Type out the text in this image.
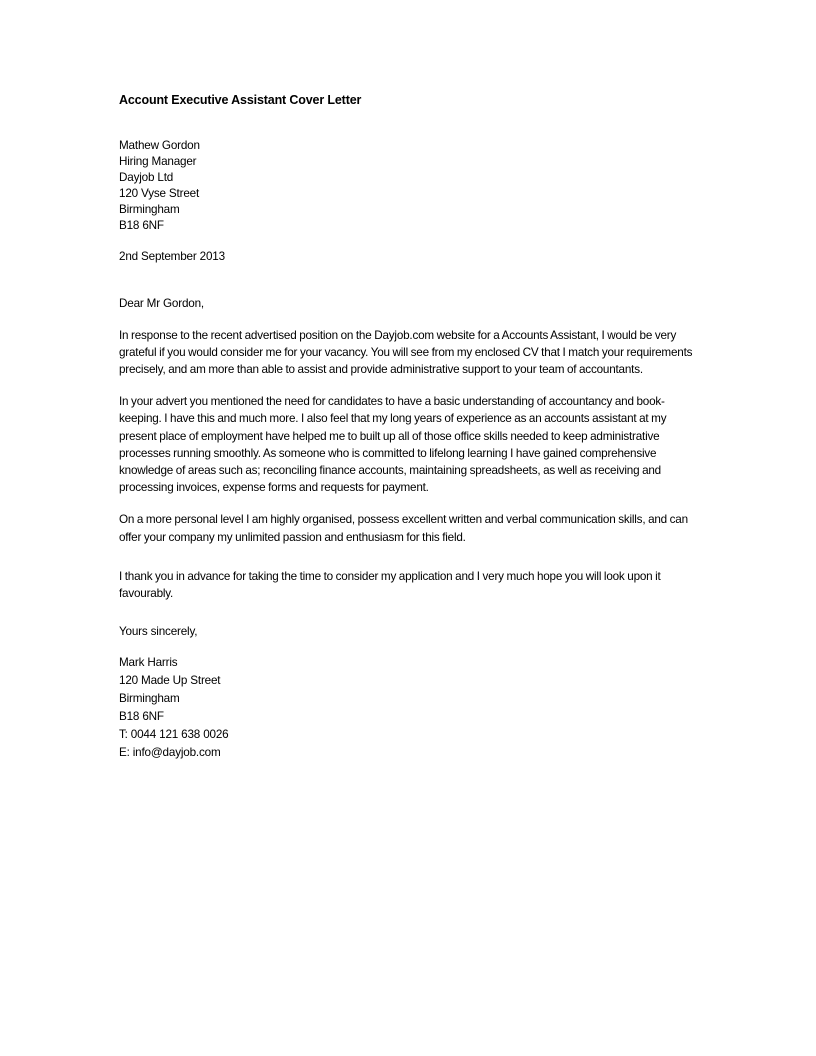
Account Executive Assistant Cover Letter
Mathew Gordon
Hiring Manager
Dayjob Ltd
120 Vyse Street
Birmingham
B18 6NF
2nd September 2013
Dear Mr Gordon,

In response to the recent advertised position on the Dayjob.com website for a Accounts Assistant, I would be very grateful if you would consider me for your vacancy. You will see from my enclosed CV that I match your requirements precisely, and am more than able to assist and provide administrative support to your team of accountants.

In your advert you mentioned the need for candidates to have a basic understanding of accountancy and book-keeping. I have this and much more. I also feel that my long years of experience as an accounts assistant at my present place of employment have helped me to built up all of those office skills needed to keep administrative processes running smoothly. As someone who is committed to lifelong learning I have gained comprehensive knowledge of areas such as; reconciling finance accounts, maintaining spreadsheets, as well as receiving and processing invoices, expense forms and requests for payment.

On a more personal level I am highly organised, possess excellent written and verbal communication skills, and can offer your company my unlimited passion and enthusiasm for this field.

I thank you in advance for taking the time to consider my application and I very much hope you will look upon it favourably.

Yours sincerely,
Mark Harris
120 Made Up Street
Birmingham
B18 6NF
T: 0044 121 638 0026
E: info@dayjob.com
